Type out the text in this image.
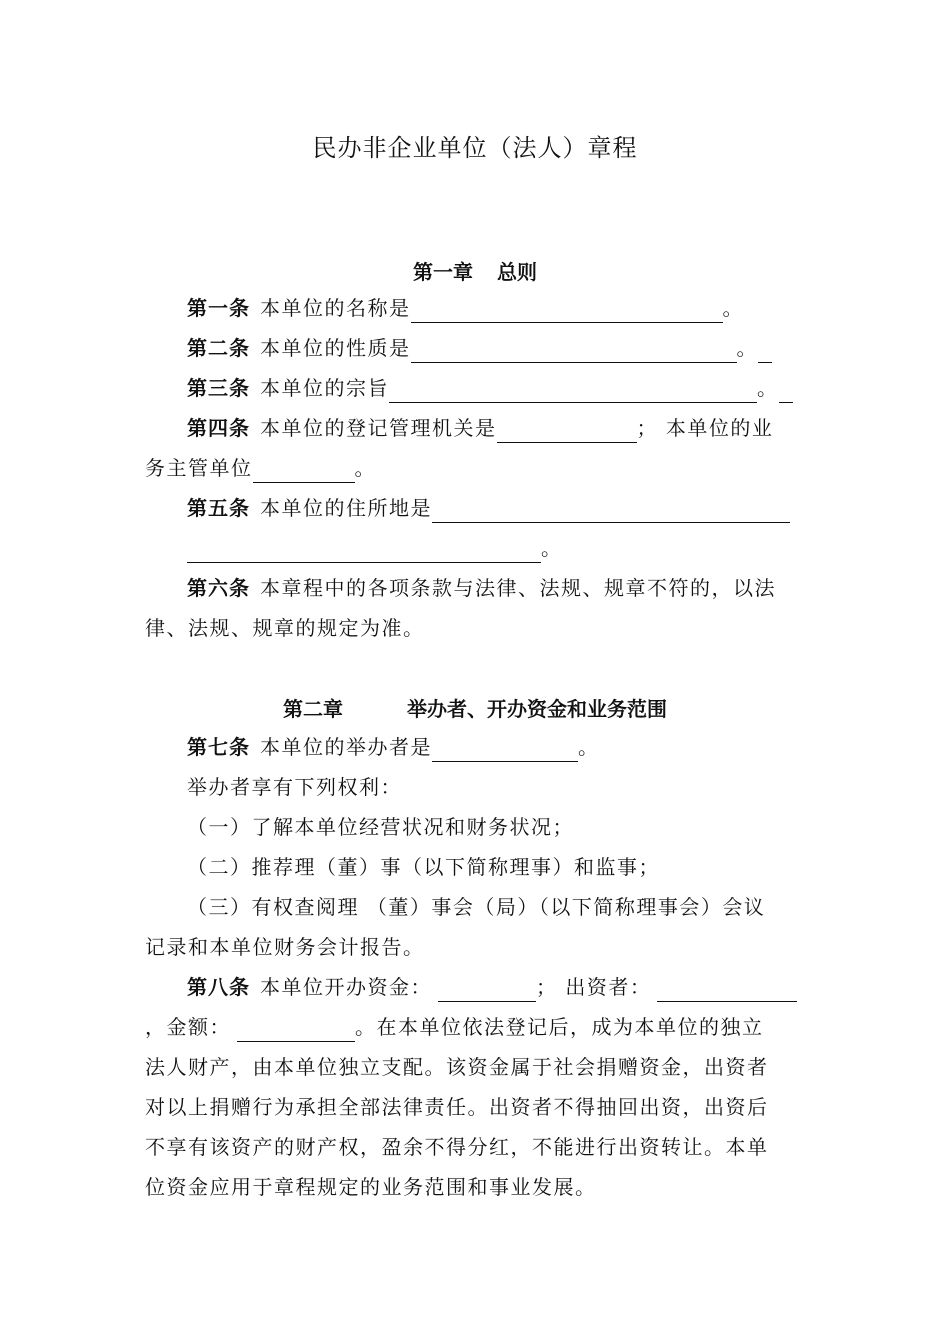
民办非企业单位（法人）章程
第一章 总则
第一条 本单位的名称是	。
第二条 本单位的性质是	。
第三条 本单位的宗旨	。
第四条 本单位的登记管理机关是	； 本单位的业
务主管单位	。
第五条 本单位的住所地是
。
第六条 本章程中的各项条款与法律、法规、规章不符的，以法
律、法规、规章的规定为准。
第二章	举办者、开办资金和业务范围
第七条 本单位的举办者是	。
举办者享有下列权利：
（一）了解本单位经营状况和财务状况；
（二）推荐理（董）事（以下简称理事）和监事；
（三）有权查阅理 （董）事会（局）（以下简称理事会）会议
记录和本单位财务会计报告。
第八条 本单位开办资金：	； 出资者：
，金额：	。在本单位依法登记后，成为本单位的独立
法人财产，由本单位独立支配。该资金属于社会捐赠资金，出资者
对以上捐赠行为承担全部法律责任。出资者不得抽回出资，出资后
不享有该资产的财产权，盈余不得分红，不能进行出资转让。本单
位资金应用于章程规定的业务范围和事业发展。
